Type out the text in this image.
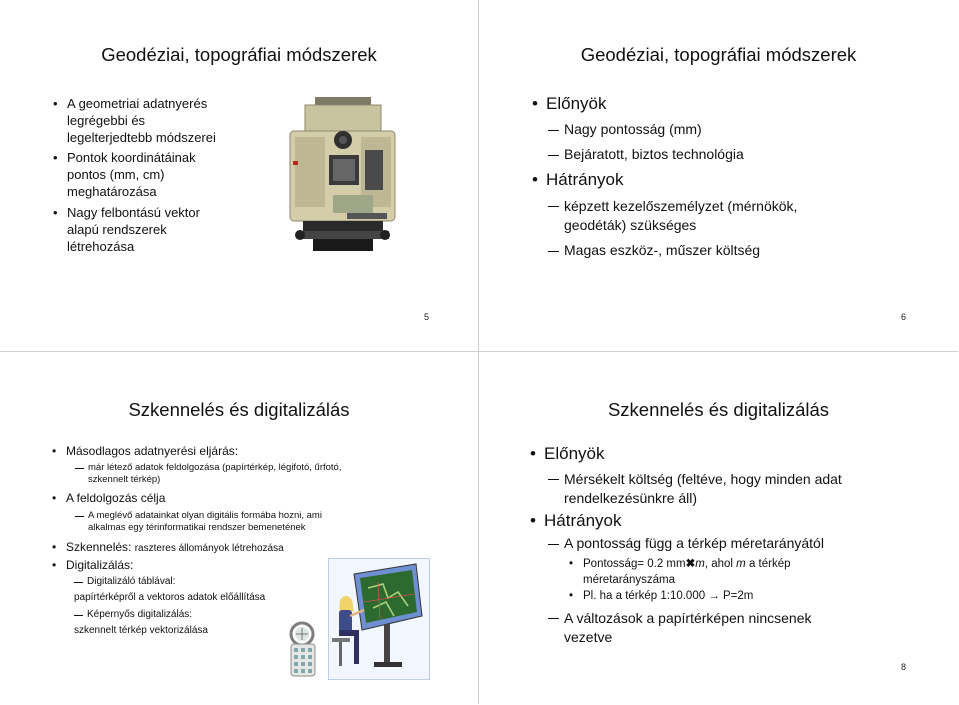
Geodéziai, topográfiai módszerek
• A geometriai adatnyerés
legrégebbi és
legelterjedtebb módszerei
• Pontok koordinátáinak
pontos (mm, cm)
meghatározása
• Nagy felbontású vektor
alapú rendszerek
létrehozása
5
Geodéziai, topográfiai módszerek
• Előnyök
Nagy pontosság (mm)
Bejáratott, biztos technológia
• Hátrányok
képzett kezelőszemélyzet (mérnökök,
geodéták) szükséges
Magas eszköz-, műszer költség
6
Szkennelés és digitalizálás
• Másodlagos adatnyerési eljárás:
már létező adatok feldolgozása (papírtérkép, légifotó, űrfotó,
szkennelt térkép)
• A feldolgozás célja
A meglévő adatainkat olyan digitális formába hozni, ami
alkalmas egy térinformatikai rendszer bemenetének
• Szkennelés: raszteres állományok létrehozása
• Digitalizálás:
Digitalizáló táblával:
papírtérképről a vektoros adatok előállítása
Képernyős digitalizálás:
szkennelt térkép vektorizálása
Szkennelés és digitalizálás
• Előnyök
Mérsékelt költség (feltéve, hogy minden adat
rendelkezésünkre áll)
• Hátrányok
A pontosság függ a térkép méretarányától
• Pontosság= 0.2 mm✖m, ahol m a térkép
méretarányszáma
• Pl. ha a térkép 1:10.000 → P=2m
A változások a papírtérképen nincsenek
vezetve
8
